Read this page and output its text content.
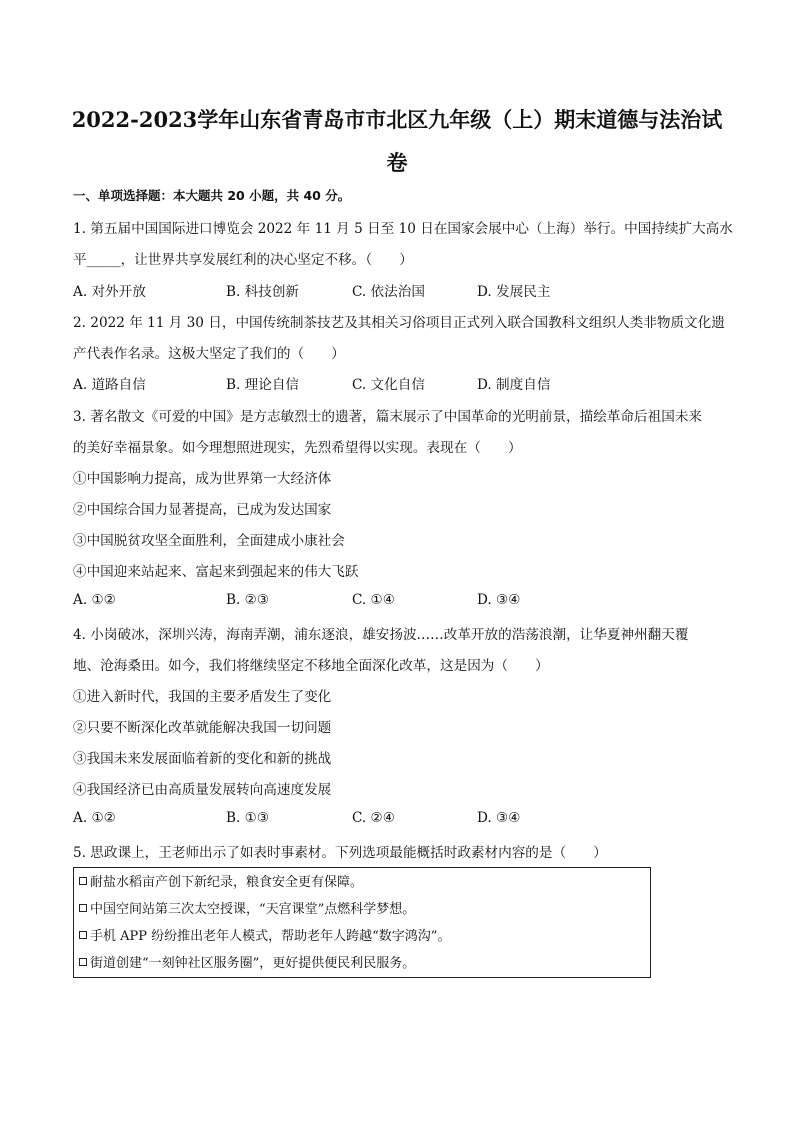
2022-2023学年山东省青岛市市北区九年级（上）期末道德与法治试
卷
一、单项选择题：本大题共 20 小题，共 40 分。
1. 第五届中国国际进口博览会 2022 年 11 月 5 日至 10 日在国家会展中心（上海）举行。中国持续扩大高水
平_____，让世界共享发展红利的决心坚定不移。（　　）
A. 对外开放	B. 科技创新	C. 依法治国	D. 发展民主
2. 2022 年 11 月 30 日，中国传统制茶技艺及其相关习俗项目正式列入联合国教科文组织人类非物质文化遗
产代表作名录。这极大坚定了我们的（　　）
A. 道路自信	B. 理论自信	C. 文化自信	D. 制度自信
3. 著名散文《可爱的中国》是方志敏烈士的遗著，篇末展示了中国革命的光明前景，描绘革命后祖国未来
的美好幸福景象。如今理想照进现实，先烈希望得以实现。表现在（　　）
①中国影响力提高，成为世界第一大经济体
②中国综合国力显著提高，已成为发达国家
③中国脱贫攻坚全面胜利，全面建成小康社会
④中国迎来站起来、富起来到强起来的伟大飞跃
A. ①②	B. ②③	C. ①④	D. ③④
4. 小岗破冰，深圳兴涛，海南弄潮，浦东逐浪，雄安扬波……改革开放的浩荡浪潮，让华夏神州翻天覆
地、沧海桑田。如今，我们将继续坚定不移地全面深化改革，这是因为（　　）
①进入新时代，我国的主要矛盾发生了变化
②只要不断深化改革就能解决我国一切问题
③我国未来发展面临着新的变化和新的挑战
④我国经济已由高质量发展转向高速度发展
A. ①②	B. ①③	C. ②④	D. ③④
5. 思政课上，王老师出示了如表时事素材。下列选项最能概括时政素材内容的是（　　）
耐盐水稻亩产创下新纪录，粮食安全更有保障。
中国空间站第三次太空授课，“天宫课堂”点燃科学梦想。
手机 APP 纷纷推出老年人模式，帮助老年人跨越“数字鸿沟”。
街道创建“一刻钟社区服务圈”，更好提供便民利民服务。
